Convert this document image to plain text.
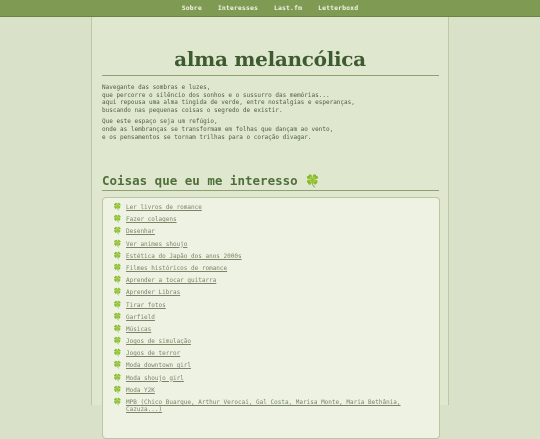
Sobre Interesses Last.fm Letterboxd
alma melancólica

Navegante das sombras e luzes,
que percorre o silêncio dos sonhos e o sussurro das memórias...
aqui repousa uma alma tingida de verde, entre nostalgias e esperanças,
buscando nas pequenas coisas o segredo de existir.

Que este espaço seja um refúgio,
onde as lembranças se transformam em folhas que dançam ao vento,
e os pensamentos se tornam trilhas para o coração divagar.

Coisas que eu me interesso 🍀
🍀 Ler livros de romance
🍀 Fazer colagens
🍀 Desenhar
🍀 Ver animes shoujo
🍀 Estética do Japão dos anos 2000s
🍀 Filmes históricos de romance
🍀 Aprender a tocar guitarra
🍀 Aprender Libras
🍀 Tirar fotos
🍀 Garfield
🍀 Músicas
🍀 Jogos de simulação
🍀 Jogos de terror
🍀 Moda downtown girl
🍀 Moda shoujo girl
🍀 Moda Y2K
🍀 MPB (Chico Buarque, Arthur Verocai, Gal Costa, Marisa Monte, Maria Bethânia, Cazuza...)
